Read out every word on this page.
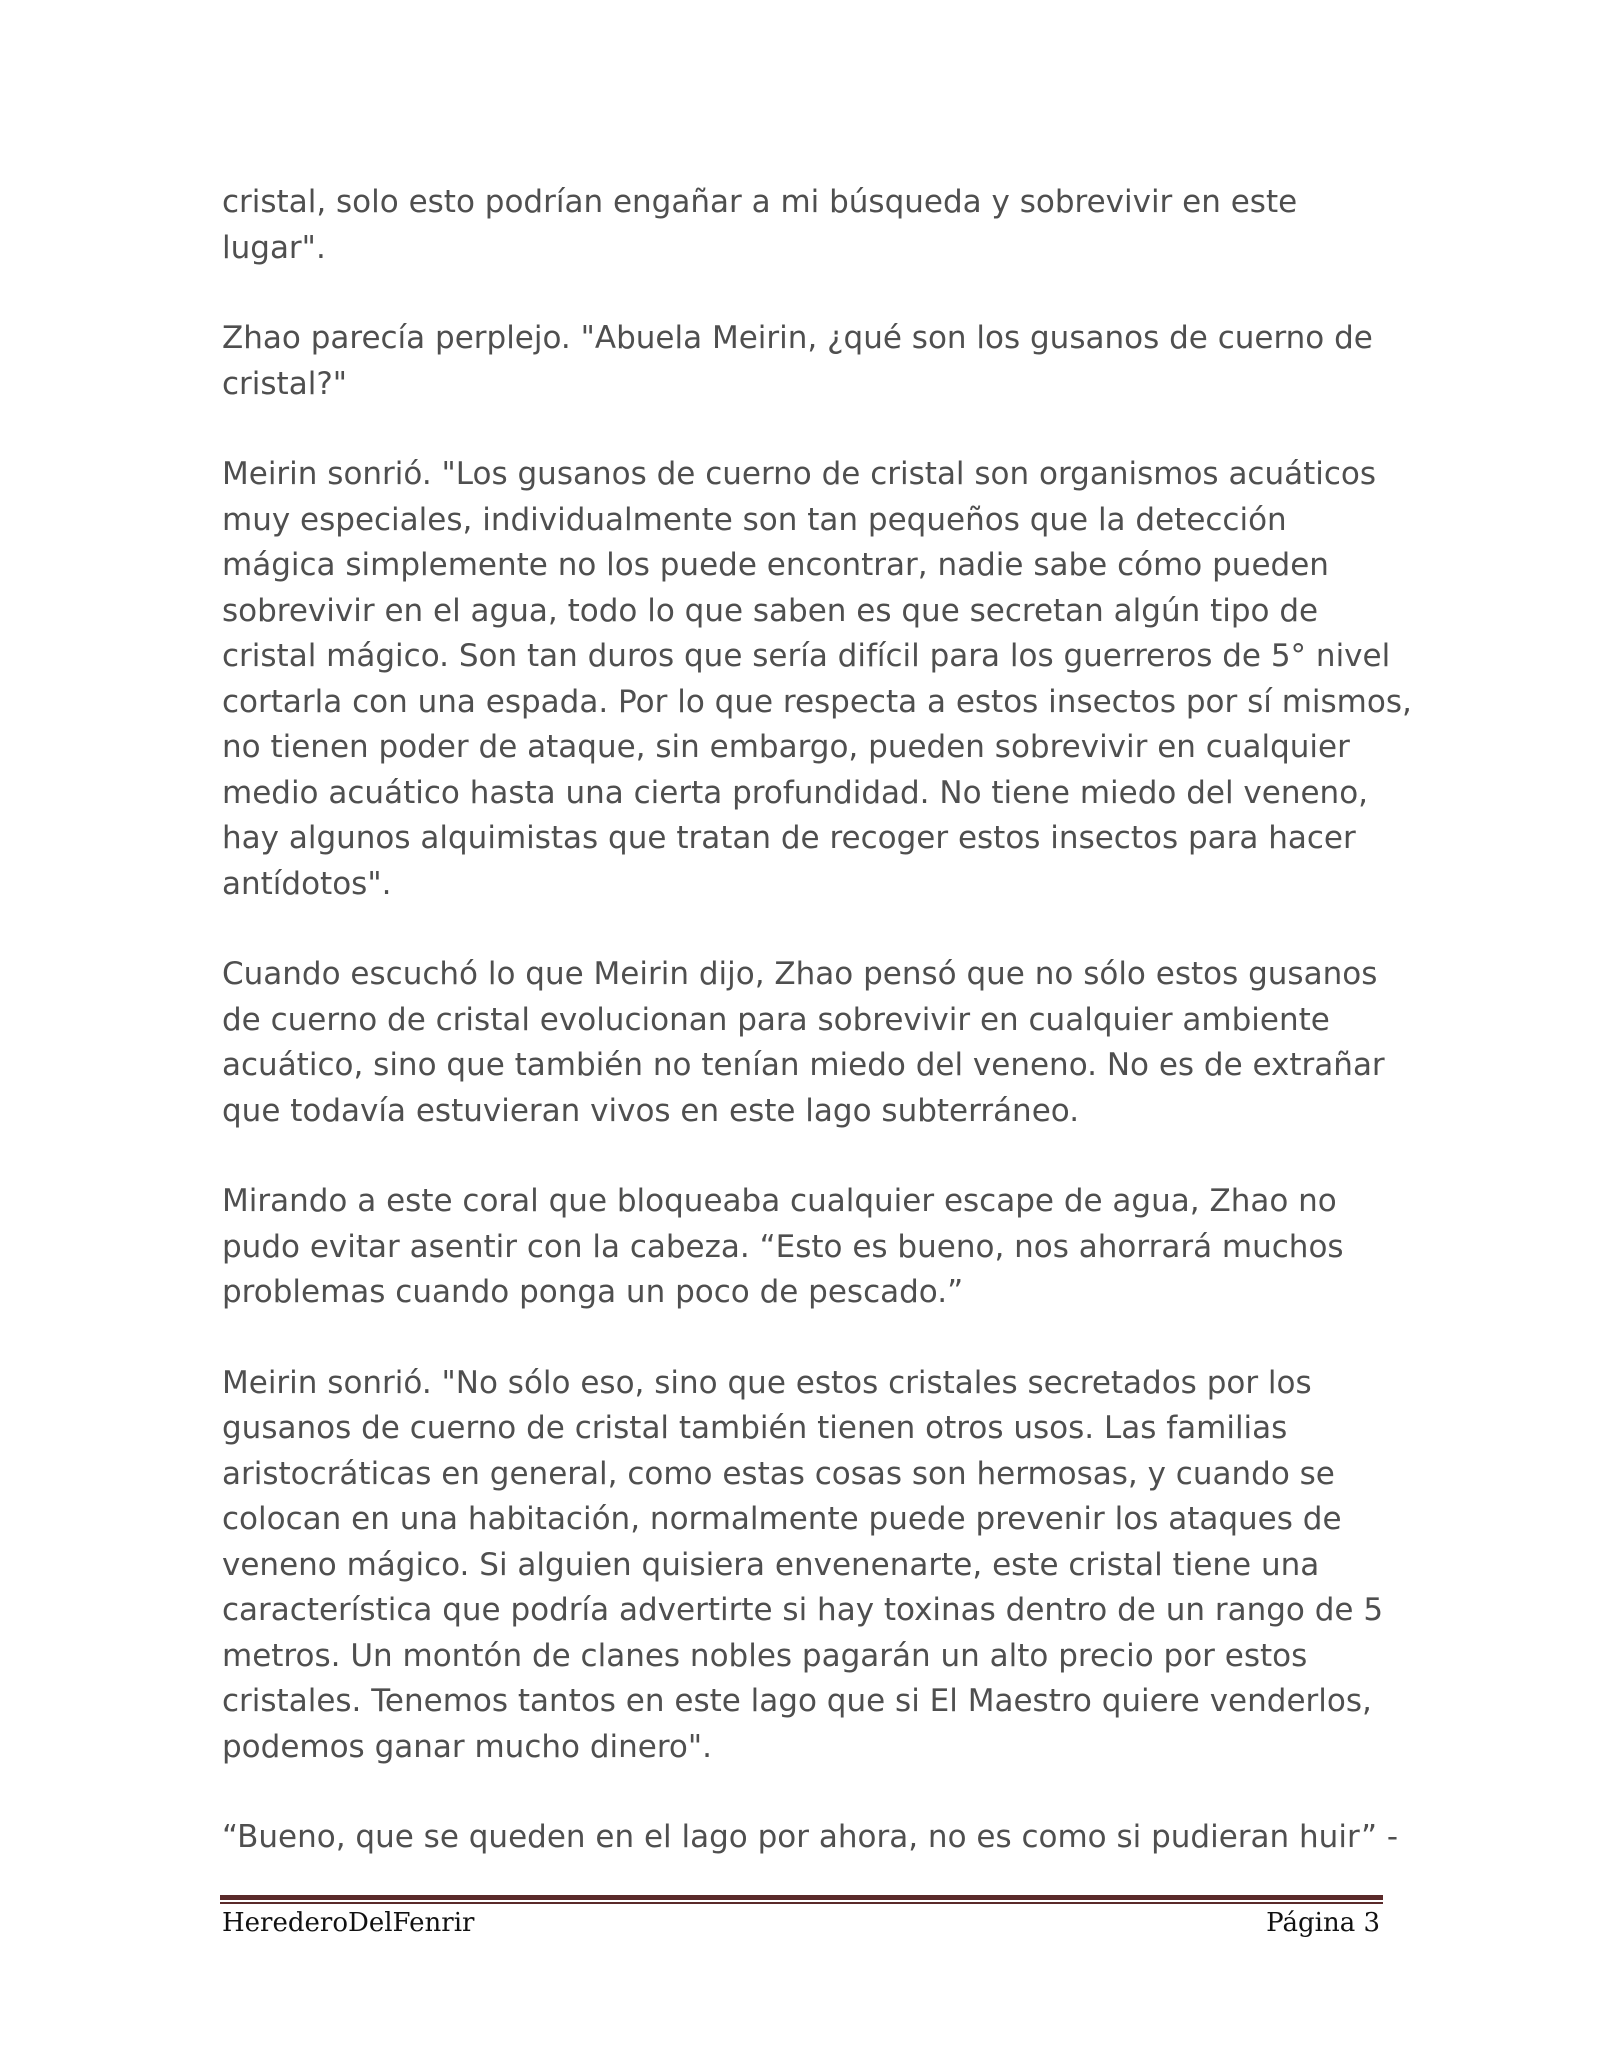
cristal, solo esto podrían engañar a mi búsqueda y sobrevivir en este
lugar".
Zhao parecía perplejo. "Abuela Meirin, ¿qué son los gusanos de cuerno de
cristal?"
Meirin sonrió. "Los gusanos de cuerno de cristal son organismos acuáticos
muy especiales, individualmente son tan pequeños que la detección
mágica simplemente no los puede encontrar, nadie sabe cómo pueden
sobrevivir en el agua, todo lo que saben es que secretan algún tipo de
cristal mágico. Son tan duros que sería difícil para los guerreros de 5° nivel
cortarla con una espada. Por lo que respecta a estos insectos por sí mismos,
no tienen poder de ataque, sin embargo, pueden sobrevivir en cualquier
medio acuático hasta una cierta profundidad. No tiene miedo del veneno,
hay algunos alquimistas que tratan de recoger estos insectos para hacer
antídotos".
Cuando escuchó lo que Meirin dijo, Zhao pensó que no sólo estos gusanos
de cuerno de cristal evolucionan para sobrevivir en cualquier ambiente
acuático, sino que también no tenían miedo del veneno. No es de extrañar
que todavía estuvieran vivos en este lago subterráneo.
Mirando a este coral que bloqueaba cualquier escape de agua, Zhao no
pudo evitar asentir con la cabeza. “Esto es bueno, nos ahorrará muchos
problemas cuando ponga un poco de pescado.”
Meirin sonrió. "No sólo eso, sino que estos cristales secretados por los
gusanos de cuerno de cristal también tienen otros usos. Las familias
aristocráticas en general, como estas cosas son hermosas, y cuando se
colocan en una habitación, normalmente puede prevenir los ataques de
veneno mágico. Si alguien quisiera envenenarte, este cristal tiene una
característica que podría advertirte si hay toxinas dentro de un rango de 5
metros. Un montón de clanes nobles pagarán un alto precio por estos
cristales. Tenemos tantos en este lago que si El Maestro quiere venderlos,
podemos ganar mucho dinero".
“Bueno, que se queden en el lago por ahora, no es como si pudieran huir” -
HerederoDelFenrir	Página 3
